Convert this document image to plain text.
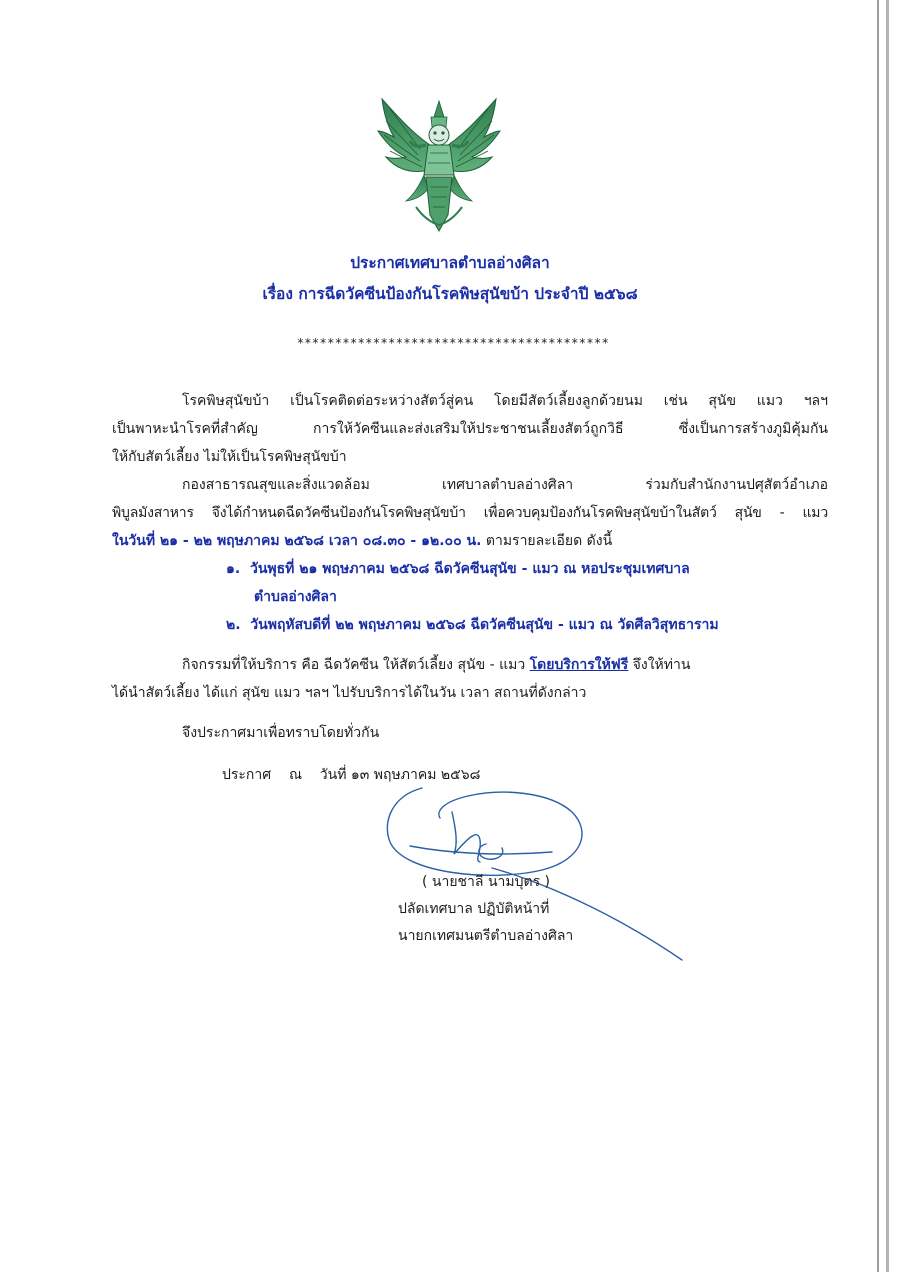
ประกาศเทศบาลตำบลอ่างศิลา
เรื่อง การฉีดวัคซีนป้องกันโรคพิษสุนัขบ้า ประจำปี ๒๕๖๘
*****************************************
โรคพิษสุนัขบ้า เป็นโรคติดต่อระหว่างสัตว์สู่คน โดยมีสัตว์เลี้ยงลูกด้วยนม เช่น สุนัข แมว ฯลฯ
เป็นพาหะนำโรคที่สำคัญ การให้วัคซีนและส่งเสริมให้ประชาชนเลี้ยงสัตว์ถูกวิธี ซึ่งเป็นการสร้างภูมิคุ้มกัน
ให้กับสัตว์เลี้ยง ไม่ให้เป็นโรคพิษสุนัขบ้า
กองสาธารณสุขและสิ่งแวดล้อม เทศบาลตำบลอ่างศิลา ร่วมกับสำนักงานปศุสัตว์อำเภอ
พิบูลมังสาหาร จึงได้กำหนดฉีดวัคซีนป้องกันโรคพิษสุนัขบ้า เพื่อควบคุมป้องกันโรคพิษสุนัขบ้าในสัตว์ สุนัข - แมว
ในวันที่ ๒๑ - ๒๒ พฤษภาคม ๒๕๖๘ เวลา ๐๘.๓๐ - ๑๒.๐๐ น. ตามรายละเอียด ดังนี้
๑. วันพุธที่ ๒๑ พฤษภาคม ๒๕๖๘ ฉีดวัคซีนสุนัข - แมว ณ หอประชุมเทศบาล
ตำบลอ่างศิลา
๒. วันพฤหัสบดีที่ ๒๒ พฤษภาคม ๒๕๖๘ ฉีดวัคซีนสุนัข - แมว ณ วัดศีลวิสุทธาราม
กิจกรรมที่ให้บริการ คือ ฉีดวัคซีน ให้สัตว์เลี้ยง สุนัข - แมว โดยบริการให้ฟรี จึงให้ท่าน
ได้นำสัตว์เลี้ยง ได้แก่ สุนัข แมว ฯลฯ ไปรับบริการได้ในวัน เวลา สถานที่ดังกล่าว
จึงประกาศมาเพื่อทราบโดยทั่วกัน
ประกาศ ณ วันที่ ๑๓ พฤษภาคม ๒๕๖๘
( นายชาลี นามบุตร )
ปลัดเทศบาล ปฏิบัติหน้าที่
นายกเทศมนตรีตำบลอ่างศิลา
